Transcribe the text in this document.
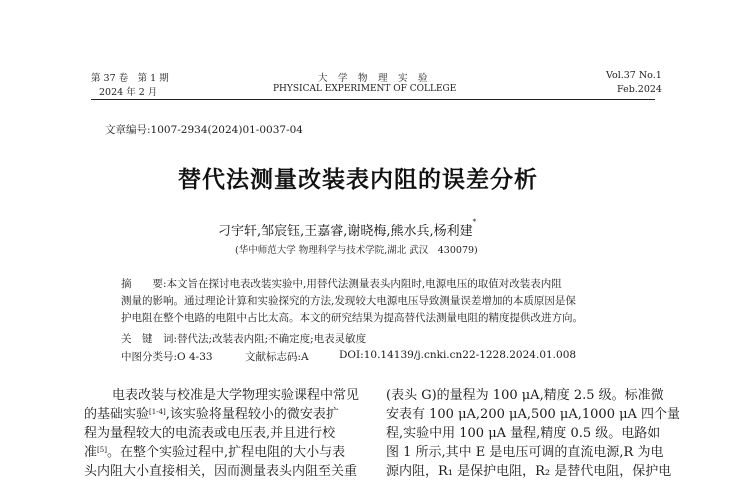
第 37 卷　第 1 期
2024 年 2 月
大　学　物　理　实　验
PHYSICAL EXPERIMENT OF COLLEGE
Vol.37 No.1
Feb.2024
文章编号:1007-2934(2024)01-0037-04
替代法测量改装表内阻的误差分析
刁宇轩,邹宸钰,王嘉睿,谢晓梅,熊水兵,杨利建*
(华中师范大学 物理科学与技术学院,湖北 武汉　430079)
摘　　要:本文旨在探讨电表改装实验中,用替代法测量表头内阻时,电源电压的取值对改装表内阻
测量的影响。通过理论计算和实验探究的方法,发现较大电源电压导致测量误差增加的本质原因是保
护电阻在整个电路的电阻中占比太高。本文的研究结果为提高替代法测量电阻的精度提供改进方向。
关　键　词:替代法;改装表内阻;不确定度;电表灵敏度
中图分类号:O 4-33	文献标志码:A	DOI:10.14139/j.cnki.cn22-1228.2024.01.008
电表改装与校准是大学物理实验课程中常见
的基础实验[1-4],该实验将量程较小的微安表扩
程为量程较大的电流表或电压表,并且进行校
准[5]。在整个实验过程中,扩程电阻的大小与表
头内阻大小直接相关，因而测量表头内阻至关重
(表头 G)的量程为 100 μA,精度 2.5 级。标准微
安表有 100 μA,200 μA,500 μA,1000 μA 四个量
程,实验中用 100 μA 量程,精度 0.5 级。电路如
图 1 所示,其中 E 是电压可调的直流电源,R 为电
源内阻，R₁ 是保护电阻，R₂ 是替代电阻，保护电
